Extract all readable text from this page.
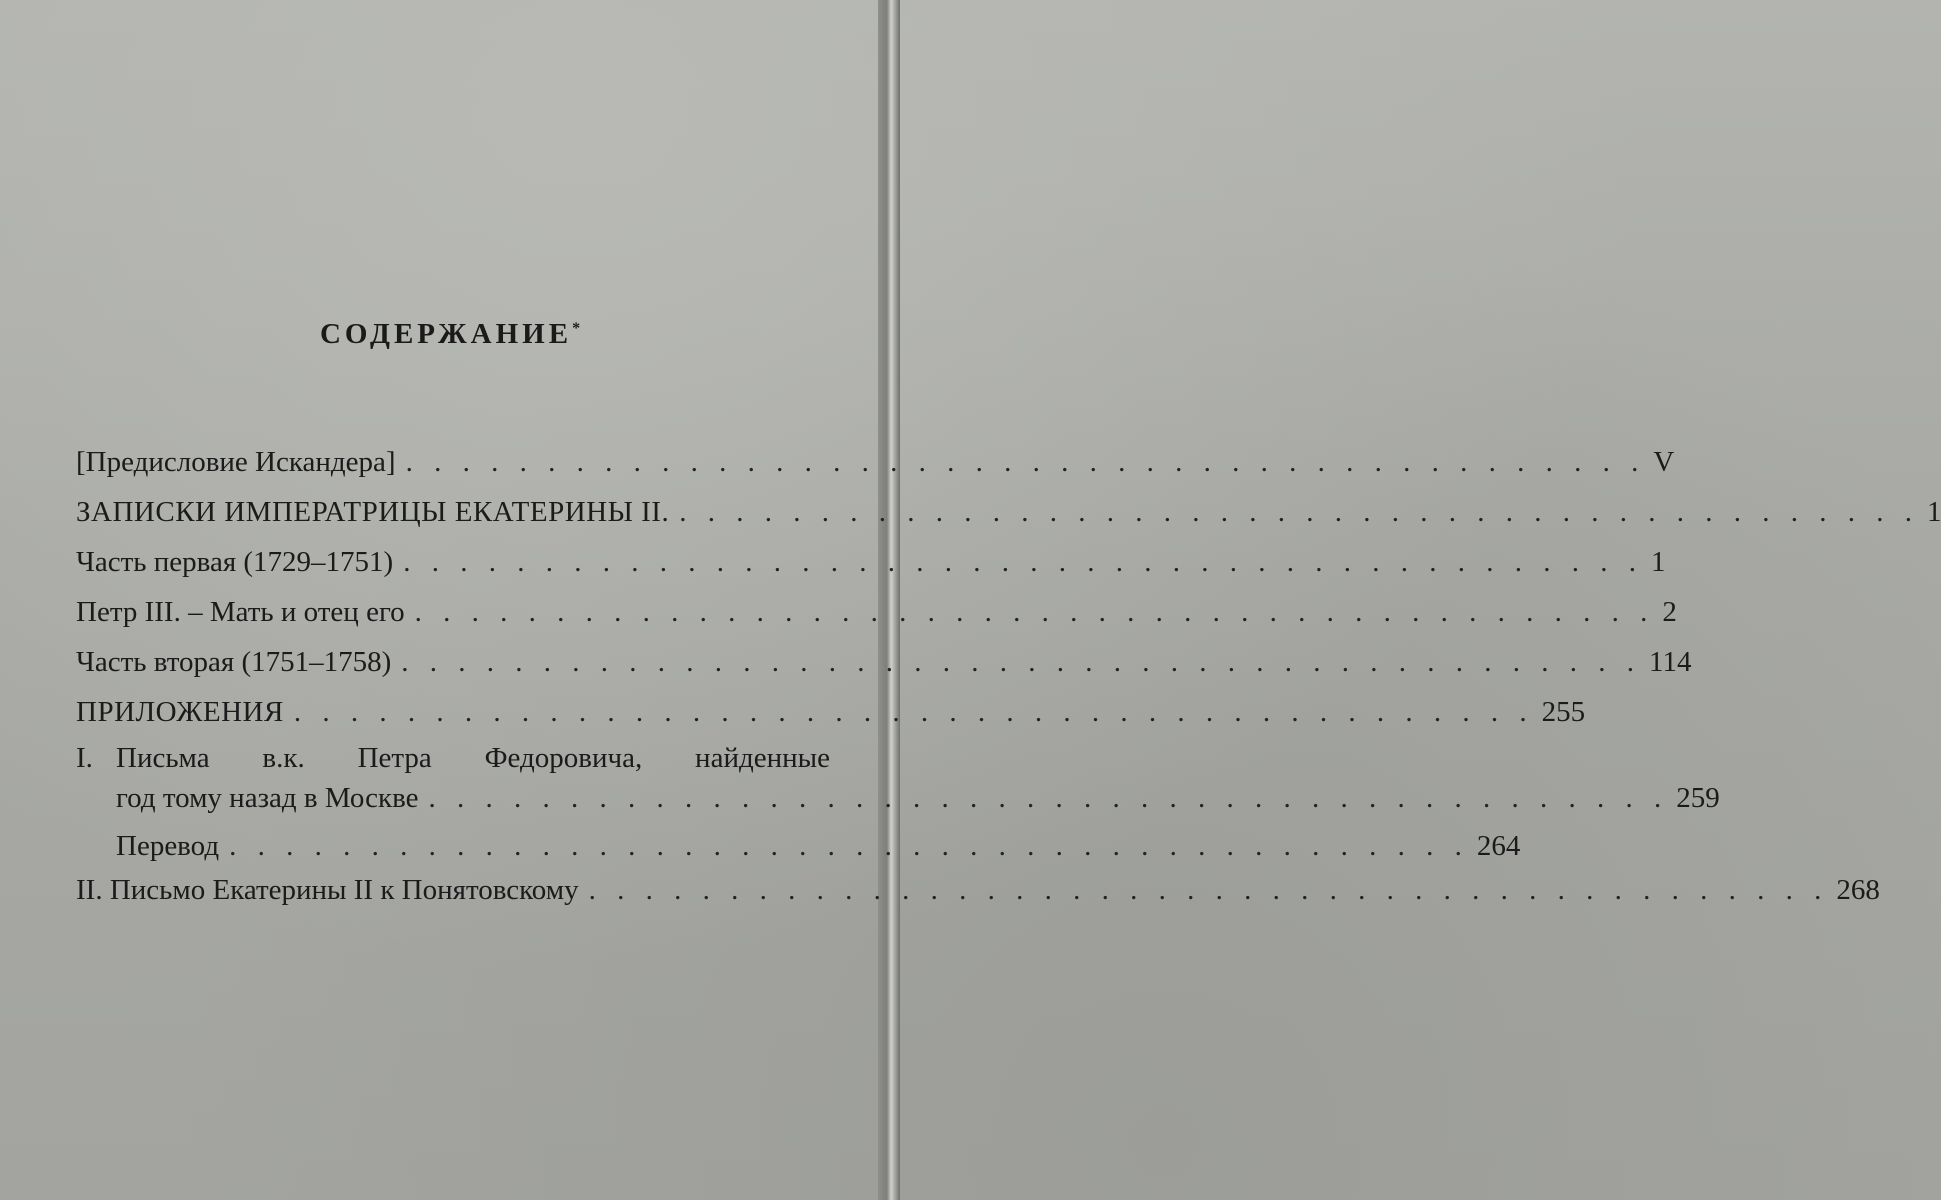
СОДЕРЖАНИЕ*
[Предисловие Искандера] . . . . . . . . . . . . . . . . . . . . . . . . . . . . . . . . . . . . . . . . . . . . V
ЗАПИСКИ ИМПЕРАТРИЦЫ ЕКАТЕРИНЫ II. . . . . . . . . . . . . . . . . . . . . . . . . . . . . . . . . . . . . . . . . . . . . 1
Часть первая (1729–1751) . . . . . . . . . . . . . . . . . . . . . . . . . . . . . . . . . . . . . . . . . . . . 1
Петр III. – Мать и отец его . . . . . . . . . . . . . . . . . . . . . . . . . . . . . . . . . . . . . . . . . . . . 2
Часть вторая (1751–1758) . . . . . . . . . . . . . . . . . . . . . . . . . . . . . . . . . . . . . . . . . . . . 114
ПРИЛОЖЕНИЯ . . . . . . . . . . . . . . . . . . . . . . . . . . . . . . . . . . . . . . . . . . . . 255
I. Письма в.к. Петра Федоровича, найденные
год тому назад в Москве . . . . . . . . . . . . . . . . . . . . . . . . . . . . . . . . . . . . . . . . . . . . 259
Перевод . . . . . . . . . . . . . . . . . . . . . . . . . . . . . . . . . . . . . . . . . . . . 264
II. Письмо Екатерины II к Понятовскому . . . . . . . . . . . . . . . . . . . . . . . . . . . . . . . . . . . . . . . . . . . . 268
